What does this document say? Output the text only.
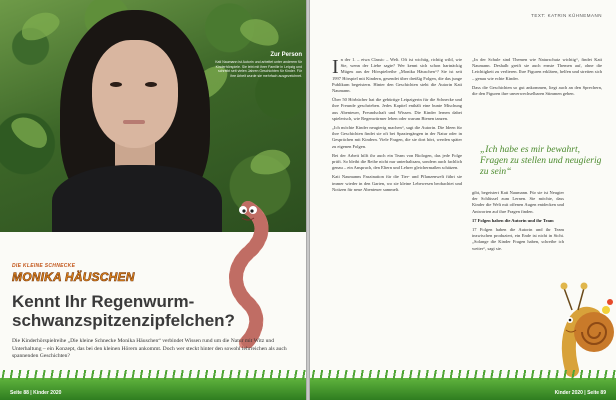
Zur Person

Kati Naumann ist Autorin und arbeitet unter anderem für Kinderhörspiele. Sie lebt mit ihrer Familie in Leipzig und schreibt seit vielen Jahren Geschichten für Kinder. Für ihre Arbeit wurde sie mehrfach ausgezeichnet.

DIE KLEINE SCHNECKE

MONIKA HÄUSCHEN

Kennt Ihr Regenwurm-schwanzspitzenzipfelchen?

Die Kinderhörspielreihe „Die kleine Schnecke Monika Häuschen“ verbindet Wissen rund um die Natur mit Witz und Unterhaltung – ein Konzept, das bei den kleinen Hörern ankommt. Doch wer steckt hinter den sowohl lehrreichen als auch spannenden Geschichten?

Seite 88 | Kinder 2020
TEXT: KATRIN KÜHNEMANN
I n der 1. – etwa Classic – Welt. Oft ist wichtig, richtig wild, wie Sie, wenn der Liebe sagte? Wer kennt sich schon hartnäckig Mügeu aus der Hörspielreihe „Monika Häuschen“? Sie ist seit 1997 Hörspiel mit Kindern, gesendet über dreißig Folgen, die das junge Publikum begeistern. Hinter den Geschichten steht die Autorin Kati Naumann.

Über 50 Hörbücher hat die gebürtige Leipzigerin für die Schnecke und ihre Freunde geschrieben. Jedes Kapitel enthält eine bunte Mischung aus Abenteuer, Freundschaft und Wissen. Die Kinder lernen dabei spielerisch, wie Regenwürmer leben oder warum Bienen tanzen.

„Ich möchte Kinder neugierig machen“, sagt die Autorin. Die Ideen für ihre Geschichten findet sie oft bei Spaziergängen in der Natur oder in Gesprächen mit Kindern. Viele Fragen, die sie dort hört, werden später zu eigenen Folgen.

Bei der Arbeit hilft ihr auch ein Team von Biologen, das jede Folge prüft. So bleibt die Reihe nicht nur unterhaltsam, sondern auch fachlich genau – ein Anspruch, den Eltern und Lehrer gleichermaßen schätzen.

Kati Naumanns Faszination für die Tier- und Pflanzenwelt führt sie immer wieder in den Garten, wo sie kleine Lebewesen beobachtet und Notizen für neue Abenteuer sammelt.

„In der Schule sind Themen wie Naturschutz wichtig“, findet Kati Naumann. Deshalb greift sie auch ernste Themen auf, ohne die Leichtigkeit zu verlieren. Ihre Figuren erklären, helfen und streiten sich – genau wie echte Kinder.

Dass die Geschichten so gut ankommen, liegt auch an den Sprechern, die den Figuren ihre unverwechselbaren Stimmen geben.

„Ich habe es mir bewahrt, Fragen zu stellen und neugierig zu sein“

gibt, begeistert Kati Naumann. Für sie ist Neugier der Schlüssel zum Lernen. Sie möchte, dass Kinder die Welt mit offenen Augen entdecken und Antworten auf ihre Fragen finden.

17 Folgen haben die Autorin und ihr Team

17 Folgen haben die Autorin und ihr Team inzwischen produziert, ein Ende ist nicht in Sicht. „Solange die Kinder Fragen haben, schreibe ich weiter“, sagt sie.

Kinder 2020 | Seite 89
